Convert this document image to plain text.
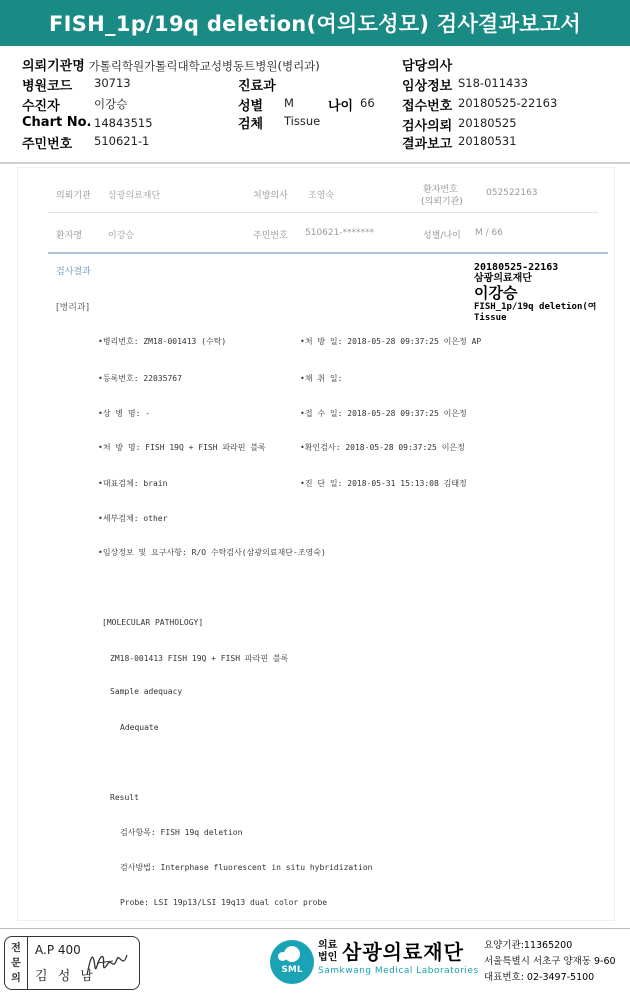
FISH_1p/19q deletion(여의도성모) 검사결과보고서
의뢰기관명 가톨릭학원가톨릭대학교성병동트병원(병리과)
병원코드 30713
수진자	이강승
Chart No. 14843515
주민번호 510621-1
진료과
성별 M	나이 66
검체 Tissue
담당의사
임상정보 S18-011433
접수번호 20180525-22163
검사의뢰 20180525
결과보고 20180531
의뢰기관 삼광의료재단	처방의사 조영숙
환자번호
(의뢰기관)
052522163
환자명	이강승	주민번호 510621-*******	성별/나이 M / 66
검사결과
[병리과]
20180525-22163
삼광의료재단
이강승
FISH_1p/19q deletion(여
Tissue
•병리번호: ZM18-001413 (수탁)
•등록번호: 22035767
•상 병 명: -
•처 방 명: FISH 19Q + FISH 파라핀 블록
•대표검체: brain
•세부검체: other
•임상정보 및 요구사항: R/O 수탁검사(삼광의료재단-조영숙)
•처 방 일: 2018-05-28 09:37:25 이은정 AP
•채 취 일:
•접 수 일: 2018-05-28 09:37:25 이은정
•확인검사: 2018-05-28 09:37:25 이은정
•진 단 일: 2018-05-31 15:13:08 김태정
[MOLECULAR PATHOLOGY]
ZM18-001413 FISH 19Q + FISH 파라핀 블록
Sample adequacy
Adequate
Result
검사항목: FISH 19q deletion
검사방법: Interphase fluorescent in situ hybridization
Probe: LSI 19p13/LSI 19q13 dual color probe
전문의
A.P 400
김 성 남	SML
의료
법인 삼광의료재단
Samkwang Medical Laboratories
요양기관:11365200
서울특별시 서초구 양재동 9-60
대표번호: 02-3497-5100
